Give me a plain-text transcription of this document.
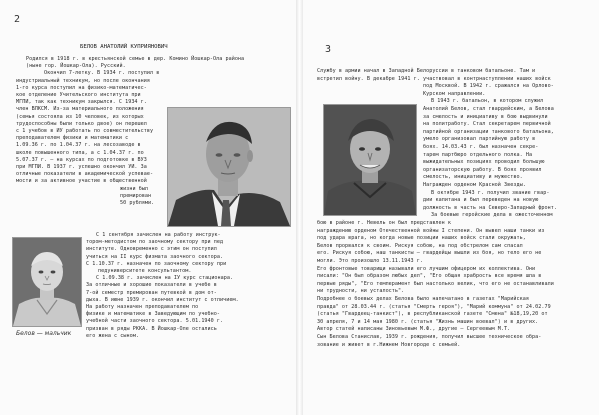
2
БЕЛОВ АНАТОЛИЙ КУПРИЯНОВИЧ
Родился в 1918 г. в крестьянской семье в дер. Комино Йошкар-Ола района
(ныне гор. Йошкар-Ола). Русский.
Окончил 7-летку. В 1934 г. поступил в
индустриальный техникум, но после окончания
1-го курса поступил на физико-математичес-
кое отделение Учительского института при
МГПИ, так как техникум закрылся. С 1934 г.
член ВЛКСМ. Из-за материального положения
(семья состояла из 10 человек, из которых
трудоспособны были только двое) он перешел
с 1 учебов в ИУ работать по совместительству
преподавателем физики и математики с
1.09.36 г. по 1.04.37 г. на лесозаводе в
школе повышенного типа, а с 1.04.37 г. по
5.07.37 г. — на курсах по подготовке в ВУЗ
при МГПИ. В 1937 г. успешно окончил УИ. За
отличные показатели в академической успевае-
мости и за активное участие в общественной
жизни был
премирован
50 рублями.
С 1 сентября зачислен на работу инструк-
тором-методистом по заочному сектору при пед
институте. Одновременно с этим он поступил
учиться на II курс физмата заочного сектора.
С 1.10.37 г. назначен по заочному сектору при
педуниверситете консультантом.
С 1.09.38 г. зачислен на IУ курс стационара.
За отличные и хорошие показатели в учебе в
7-ой семестр премирован путевкой в дом от-
дыха. В июне 1939 г. окончил институт с отличием.
На работу назначен преподавателем по
физике и математике в Заведующим по учебно-
учебной части заочного сектора. 5.01.1940 г.
призван в ряды РККА. В Йошкар-Оле остались
его жена с сыном.
Белов — мальчик
3
Службу в армии начал в Западной Белоруссии в танковом батальоне. Там и
встретил войну. В декабре 1941 г. участвовал в контрнаступлении наших войск
под Москвой. В 1942 г. сражался на Орлово-
Курском направлении.
В 1943 г. батальон, в котором служил
Анатолий Белов, стал гвардейским, а Белова
за смелость и инициативу в бою выдвинули
на политработу. Стал секретарем первичной
партийной организации танкового батальона,
умело организовал партийную работу в
боях. 14.03.43 г. был назначен секре-
тарем партбюро отдельного полка. На
выжидательных позициях проводил большую
организаторскую работу. В боях проявил
смелость, инициативу и мужество.
Награжден орденом Красной Звезды.
В октябре 1943 г. получил звание гвар-
дии капитана и был переведен на новую
должность в часть на Северо-Западный фронт.
За боевые геройские дела в ожесточенном
бою в районе г. Невель он был представлен к
награждению орденом Отечественной войны I степени. Он вывел наши танки из
под удара врага, но когда новые позиции наших войск стали окружать,
Белов прорвался к своим. Рискуя собою, на под обстрелом сам спасал
его. Рискуя собою, наш танкисты — гвардейцы вышли из боя, но тело его не
могли. Это произошло 13.11.1943 г.
Его фронтовые товарищи называли его лучшим офицером их коллектива. Они
писали: "Он был образом любых дел", "Его общая храбрость все время шла в
первые ряды", "Его темперамент был настолько велик, что его не останавливали
ни трудности, ни усталость".
Подробнее о боевых делах Белова было напечатано в газетах "Марийская
правда" от 28.03.44 г. (статья "Смерть героя"), "Марий коммуна" от 24.02.79
(статья "Гвардеец-танкист"), в республиканской газете "Смена" №18,19,20 от
30 апреля, 7 и 14 мая 1980 г. (статья "Жизнь машин воевал") и в других.
Автор статей написаны Зиновьевым М.Ф., другие — Сергеевым М.Т.
Сын Белова Станислав, 1939 г. рождения, получил высшее техническое обра-
зование и живет в г.Нижнем Новгороде с семьей.
